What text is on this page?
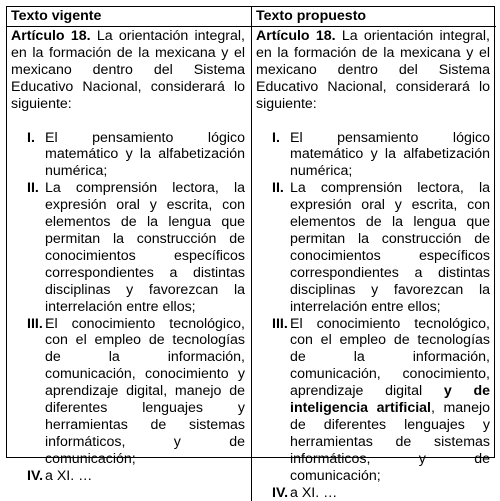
Texto vigente	Texto propuesto

Artículo 18. La orientación integral, en la formación de la mexicana y el mexicano dentro del Sistema Educativo Nacional, considerará lo siguiente:

I. El pensamiento lógico matemático y la alfabetización numérica;
II. La comprensión lectora, la expresión oral y escrita, con elementos de la lengua que permitan la construcción de conocimientos específicos correspondientes a distintas disciplinas y favorezcan la interrelación entre ellos;
III. El conocimiento tecnológico, con el empleo de tecnologías de la información, comunicación, conocimiento y aprendizaje digital, manejo de diferentes lenguajes y herramientas de sistemas informáticos, y de comunicación;
IV. a XI. …

Artículo 18. La orientación integral, en la formación de la mexicana y el mexicano dentro del Sistema Educativo Nacional, considerará lo siguiente:

I. El pensamiento lógico matemático y la alfabetización numérica;
II. La comprensión lectora, la expresión oral y escrita, con elementos de la lengua que permitan la construcción de conocimientos específicos correspondientes a distintas disciplinas y favorezcan la interrelación entre ellos;
III. El conocimiento tecnológico, con el empleo de tecnologías de la información, comunicación, conocimiento, aprendizaje digital y de inteligencia artificial, manejo de diferentes lenguajes y herramientas de sistemas informáticos, y de comunicación;
IV. a XI. …
